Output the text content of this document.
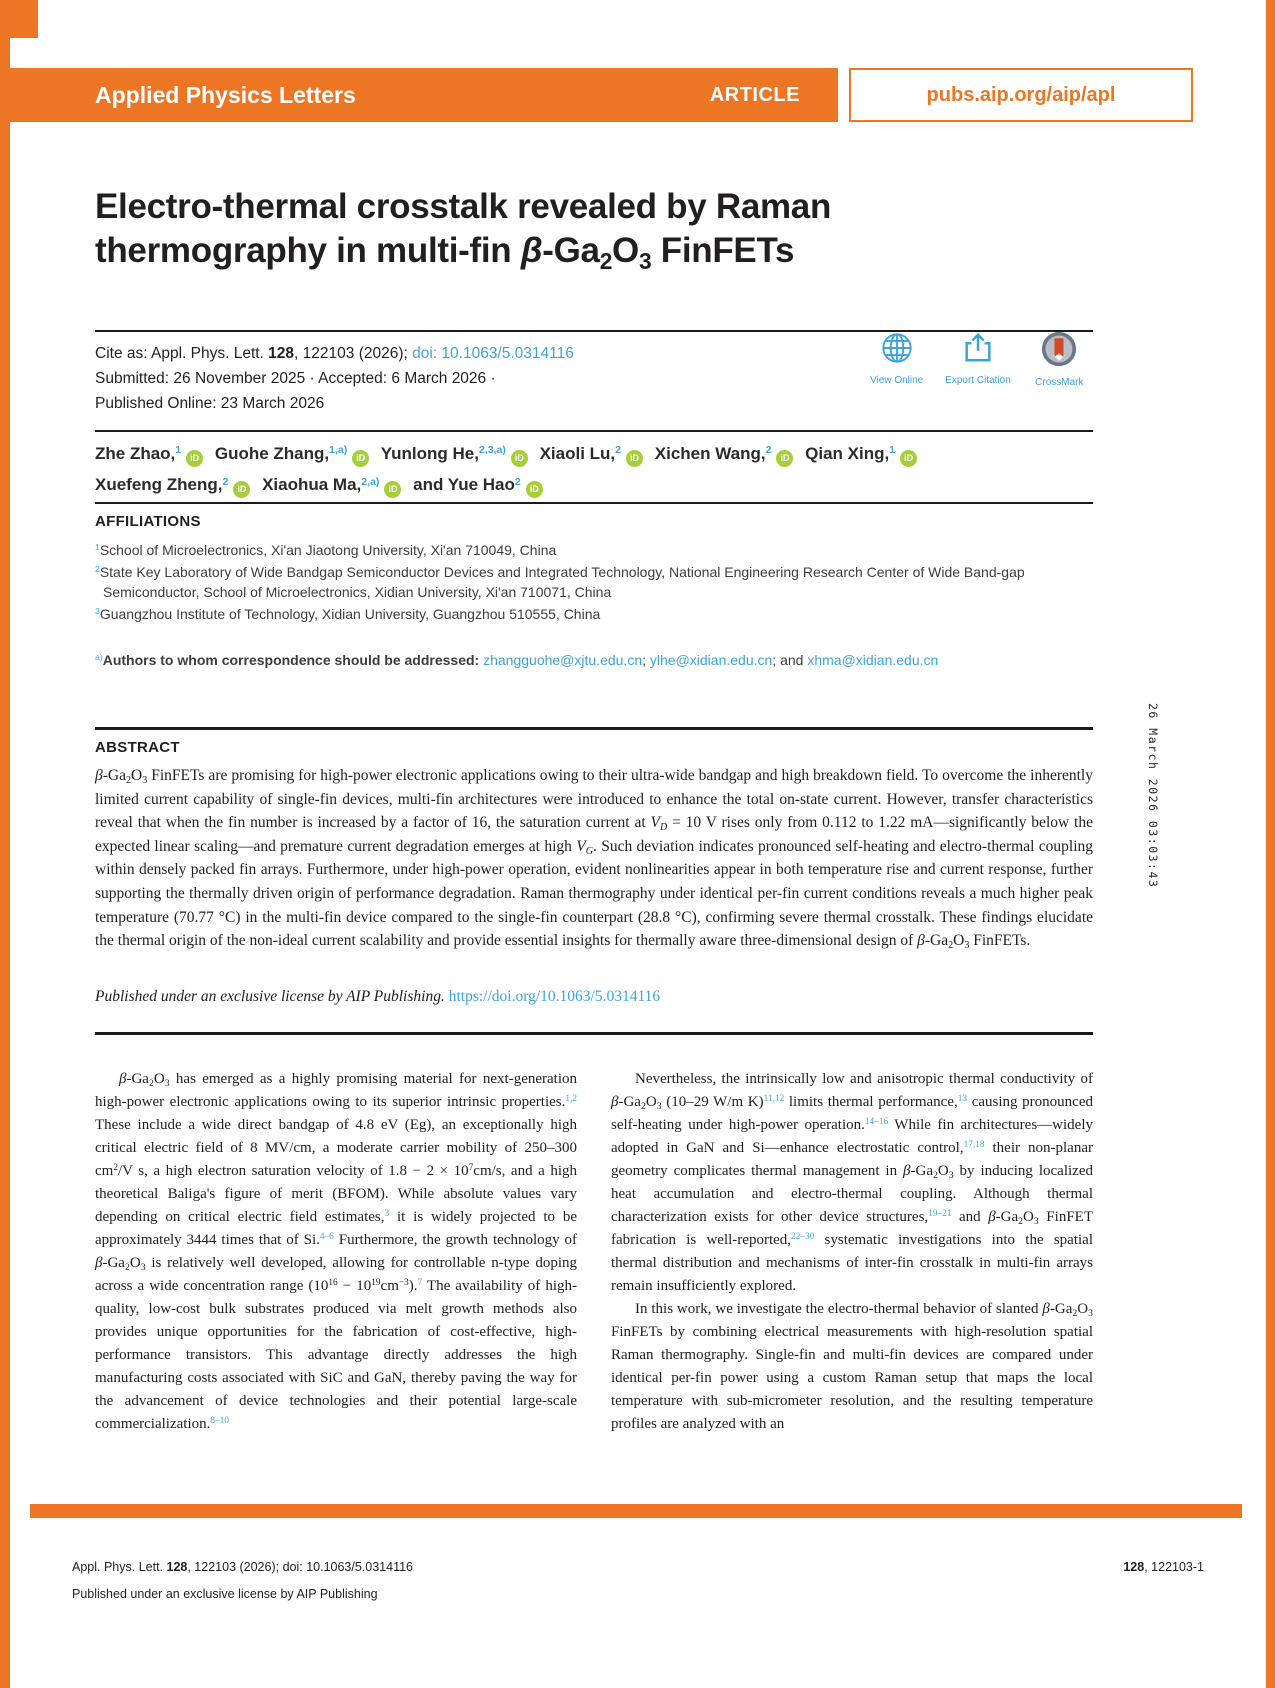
Applied Physics Letters	ARTICLE	pubs.aip.org/aip/apl
Electro-thermal crosstalk revealed by Raman
thermography in multi-fin $\beta-Ga_2O_3$ FinFETs
Cite as: Appl. Phys. Lett. 128, 122103 (2026); doi: 10.1063/5.0314116
Submitted: 26 November 2025 · Accepted: 6 March 2026 ·
Published Online: 23 March 2026
View Online Export Citation CrossMark
Zhe Zhao,$^1$iD Guohe Zhang,$^{1,a)}$iD Yunlong He,$^{2,3,a)}$iD Xiaoli Lu,$^2$iD Xichen Wang,$^2$iD Qian Xing,$^1$iD
Xuefeng Zheng,$^2$iD Xiaohua Ma,$^{2,a)}$iD and Yue Hao$^2$iD
AFFILIATIONS
$^1$School of Microelectronics, Xi'an Jiaotong University, Xi'an 710049, China
$^2$State Key Laboratory of Wide Bandgap Semiconductor Devices and Integrated Technology, National Engineering Research Center of Wide Band-gap Semiconductor, School of Microelectronics, Xidian University, Xi'an 710071, China
$^3$Guangzhou Institute of Technology, Xidian University, Guangzhou 510555, China
$^{a)}$Authors to whom correspondence should be addressed: zhangguohe@xjtu.edu.cn; ylhe@xidian.edu.cn; and xhma@xidian.edu.cn
ABSTRACT
$\beta-Ga_2O_3$ FinFETs are promising for high-power electronic applications owing to their ultra-wide bandgap and high breakdown field. To overcome the inherently limited current capability of single-fin devices, multi-fin architectures were introduced to enhance the total on-state current. However, transfer characteristics reveal that when the fin number is increased by a factor of 16, the saturation current at $V_D = 10$ V rises only from 0.112 to 1.22 mA—significantly below the expected linear scaling—and premature current degradation emerges at high $V_G$. Such deviation indicates pronounced self-heating and electro-thermal coupling within densely packed fin arrays. Furthermore, under high-power operation, evident nonlinearities appear in both temperature rise and current response, further supporting the thermally driven origin of performance degradation. Raman thermography under identical per-fin current conditions reveals a much higher peak temperature (70.77 °C) in the multi-fin device compared to the single-fin counterpart (28.8 °C), confirming severe thermal crosstalk. These findings elucidate the thermal origin of the non-ideal current scalability and provide essential insights for thermally aware three-dimensional design of $\beta-Ga_2O_3$ FinFETs.
Published under an exclusive license by AIP Publishing. https://doi.org/10.1063/5.0314116

$\beta-Ga_2O_3$ has emerged as a highly promising material for next-generation high-power electronic applications owing to its superior intrinsic properties.$^{1,2}$ These include a wide direct bandgap of 4.8 eV (Eg), an exceptionally high critical electric field of 8 MV/cm, a moderate carrier mobility of 250–300 $cm^2/V$ s, a high electron saturation velocity of $1.8 - 2 \times 10^7cm/s$, and a high theoretical Baliga's figure of merit (BFOM). While absolute values vary depending on critical electric field estimates,$^3$ it is widely projected to be approximately 3444 times that of Si.$^{4-6}$ Furthermore, the growth technology of $\beta-Ga_2O_3$ is relatively well developed, allowing for controllable n-type doping across a wide concentration range $(10^{16} - 10^{19}cm^{-3}).^7$ The availability of high-quality, low-cost bulk substrates produced via melt growth methods also provides unique opportunities for the fabrication of cost-effective, high-performance transistors. This advantage directly addresses the high manufacturing costs associated with SiC and GaN, thereby paving the way for the advancement of device technologies and their potential large-scale commercialization.$^{8-10}$

Nevertheless, the intrinsically low and anisotropic thermal conductivity of $\beta-Ga_2O_3$ (10–29 W/m K)$^{11,12}$ limits thermal performance,$^{13}$ causing pronounced self-heating under high-power operation.$^{14-16}$ While fin architectures—widely adopted in GaN and Si—enhance electrostatic control,$^{17,18}$ their non-planar geometry complicates thermal management in $\beta-Ga_2O_3$ by inducing localized heat accumulation and electro-thermal coupling. Although thermal characterization exists for other device structures,$^{19-21}$ and $\beta-Ga_2O_3$ FinFET fabrication is well-reported,$^{22-30}$ systematic investigations into the spatial thermal distribution and mechanisms of inter-fin crosstalk in multi-fin arrays remain insufficiently explored.

In this work, we investigate the electro-thermal behavior of slanted $\beta-Ga_2O_3$ FinFETs by combining electrical measurements with high-resolution spatial Raman thermography. Single-fin and multi-fin devices are compared under identical per-fin power using a custom Raman setup that maps the local temperature with sub-micrometer resolution, and the resulting temperature profiles are analyzed with an

Appl. Phys. Lett. 128, 122103 (2026); doi: 10.1063/5.0314116	128, 122103-1
Published under an exclusive license by AIP Publishing
26 March 2026 03:03:43
